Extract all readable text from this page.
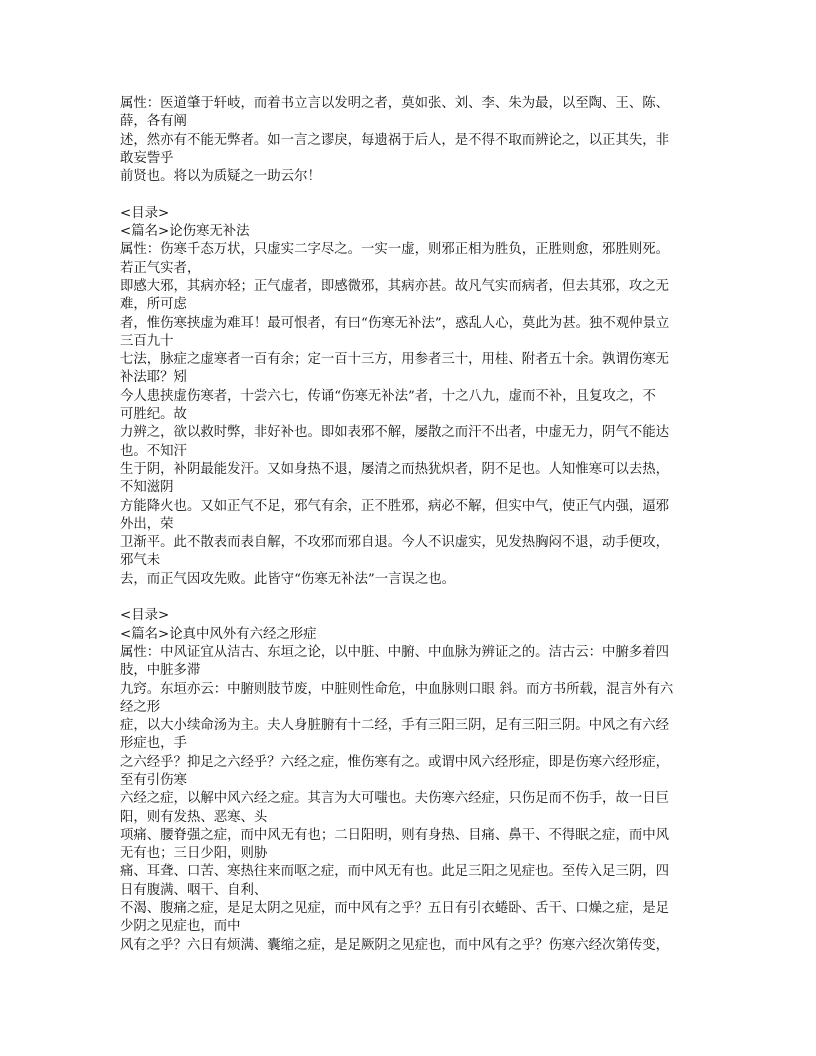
属性：医道肇于轩岐，而着书立言以发明之者，莫如张、刘、李、朱为最，以至陶、王、陈、
薛，各有阐
述，然亦有不能无弊者。如一言之谬戾，每遗祸于后人，是不得不取而辨论之，以正其失，非
敢妄訾乎
前贤也。将以为质疑之一助云尔！
<目录>
<篇名>论伤寒无补法
属性：伤寒千态万状，只虚实二字尽之。一实一虚，则邪正相为胜负，正胜则愈，邪胜则死。
若正气实者，
即感大邪，其病亦轻；正气虚者，即感微邪，其病亦甚。故凡气实而病者，但去其邪，攻之无
难，所可虑
者，惟伤寒挟虚为难耳！最可恨者，有曰“伤寒无补法”，惑乱人心，莫此为甚。独不观仲景立
三百九十
七法，脉症之虚寒者一百有余；定一百十三方，用参者三十，用桂、附者五十余。孰谓伤寒无
补法耶？矧
今人患挟虚伤寒者，十尝六七，传诵“伤寒无补法”者，十之八九，虚而不补，且复攻之，不
可胜纪。故
力辨之，欲以救时弊，非好补也。即如表邪不解，屡散之而汗不出者，中虚无力，阴气不能达
也。不知汗
生于阴，补阴最能发汗。又如身热不退，屡清之而热犹炽者，阴不足也。人知惟寒可以去热，
不知滋阴
方能降火也。又如正气不足，邪气有余，正不胜邪，病必不解，但实中气，使正气内强，逼邪
外出，荣
卫渐平。此不散表而表自解，不攻邪而邪自退。今人不识虚实，见发热胸闷不退，动手便攻，
邪气未
去，而正气因攻先败。此皆守“伤寒无补法”一言误之也。
<目录>
<篇名>论真中风外有六经之形症
属性：中风证宜从洁古、东垣之论，以中脏、中腑、中血脉为辨证之的。洁古云：中腑多着四
肢，中脏多滞
九窍。东垣亦云：中腑则肢节废，中脏则性命危，中血脉则口眼 斜。而方书所载，混言外有六
经之形
症，以大小续命汤为主。夫人身脏腑有十二经，手有三阳三阴，足有三阳三阴。中风之有六经
形症也，手
之六经乎？抑足之六经乎？六经之症，惟伤寒有之。或谓中风六经形症，即是伤寒六经形症，
至有引伤寒
六经之症，以解中风六经之症。其言为大可嗤也。夫伤寒六经症，只伤足而不伤手，故一日巨
阳，则有发热、恶寒、头
项痛、腰脊强之症，而中风无有也；二日阳明，则有身热、目痛、鼻干、不得眠之症，而中风
无有也；三日少阳，则胁
痛、耳聋、口苦、寒热往来而呕之症，而中风无有也。此足三阳之见症也。至传入足三阴，四
日有腹满、咽干、自利、
不渴、腹痛之症，是足太阴之见症，而中风有之乎？五日有引衣蜷卧、舌干、口燥之症，是足
少阴之见症也，而中
风有之乎？六日有烦满、囊缩之症，是足厥阴之见症也，而中风有之乎？伤寒六经次第传变，
